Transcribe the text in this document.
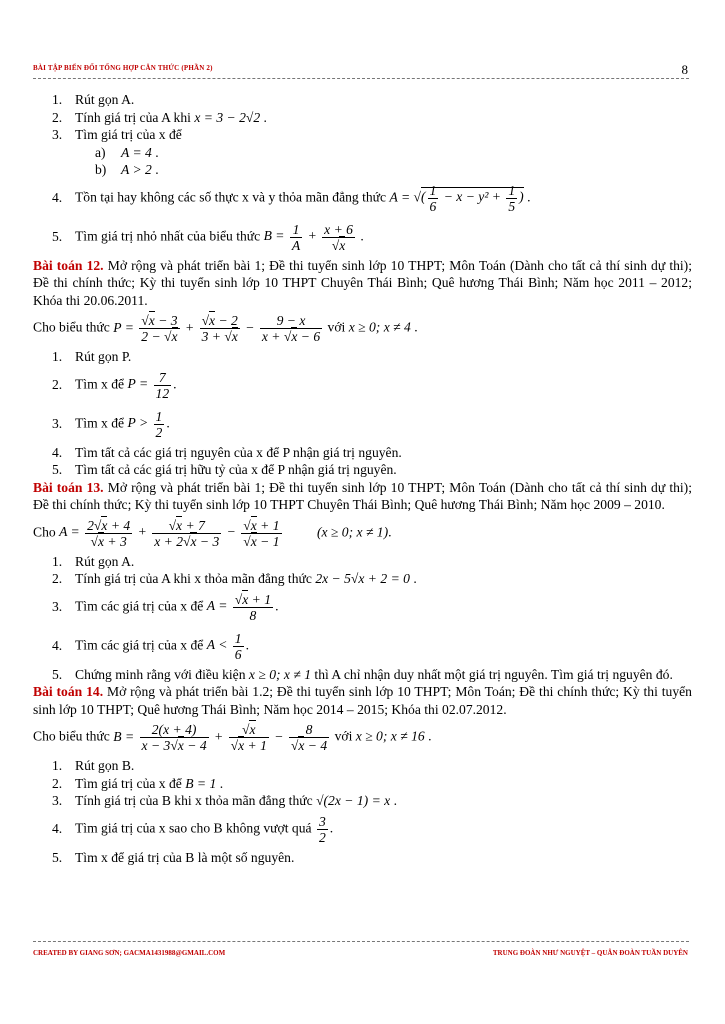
BÀI TẬP BIẾN ĐỔI TỔNG HỢP CĂN THỨC (PHẦN 2)	8
1. Rút gọn A.
2. Tính giá trị của A khi x = 3 − 2√2 .
3. Tìm giá trị của x để
a) A = 4 .
b) A > 2 .
4. Tồn tại hay không các số thực x và y thỏa mãn đẳng thức A = √( $\frac{1}{6} - x - y^2 + \frac{1}{5}$ ) .
5. Tìm giá trị nhỏ nhất của biểu thức $B = \frac{1}{A} + \frac{x + 6}{√x}$ .
Bài toán 12. Mở rộng và phát triển bài 1; Đề thi tuyển sinh lớp 10 THPT; Môn Toán (Dành cho tất cả thí sinh dự thi); Đề thi chính thức; Kỳ thi tuyển sinh lớp 10 THPT Chuyên Thái Bình; Quê hương Thái Bình; Năm học 2011 – 2012; Khóa thi 20.06.2011.
Cho biểu thức $P = \frac{√x - 3}{2 - √x} + \frac{√x - 2}{3 + √x} - \frac{9 - x}{x + √x - 6}$ với x ≥ 0; x ≠ 4 .
1. Rút gọn P.
2. Tìm x để $P = \frac{7}{12}$ .
3. Tìm x để $P > \frac{1}{2}$ .
4. Tìm tất cả các giá trị nguyên của x để P nhận giá trị nguyên.
5. Tìm tất cả các giá trị hữu tỷ của x để P nhận giá trị nguyên.
Bài toán 13. Mở rộng và phát triển bài 1; Đề thi tuyển sinh lớp 10 THPT; Môn Toán (Dành cho tất cả thí sinh dự thi); Đề thi chính thức; Kỳ thi tuyển sinh lớp 10 THPT Chuyên Thái Bình; Quê hương Thái Bình; Năm học 2009 – 2010.
Cho $A = \frac{2√x + 4}{√x + 3} + \frac{√x + 7}{x + 2√x - 3} - \frac{√x + 1}{√x - 1}$	(x ≥ 0; x ≠ 1).
1. Rút gọn A.
2. Tính giá trị của A khi x thỏa mãn đẳng thức 2x − 5√x + 2 = 0 .
3. Tìm các giá trị của x để $A = \frac{√x + 1}{8}$ .
4. Tìm các giá trị của x để $A < \frac{1}{6}$ .
5. Chứng minh rằng với điều kiện x ≥ 0; x ≠ 1 thì A chỉ nhận duy nhất một giá trị nguyên. Tìm giá trị nguyên đó.
Bài toán 14. Mở rộng và phát triển bài 1.2; Đề thi tuyển sinh lớp 10 THPT; Môn Toán; Đề thi chính thức; Kỳ thi tuyển sinh lớp 10 THPT; Quê hương Thái Bình; Năm học 2014 – 2015; Khóa thi 02.07.2012.
Cho biểu thức $B = \frac{2(x + 4)}{x - 3√x - 4} + \frac{√x}{√x + 1} - \frac{8}{√x - 4}$ với x ≥ 0; x ≠ 16 .
1. Rút gọn B.
2. Tìm giá trị của x để B = 1 .
3. Tính giá trị của B khi x thỏa mãn đẳng thức √(2x − 1) = x .
4. Tìm giá trị của x sao cho B không vượt quá $\frac{3}{2}$ .
5. Tìm x để giá trị của B là một số nguyên.
CREATED BY GIANG SƠN; GACMA1431988@GMAIL.COM	TRUNG ĐOÀN NHƯ NGUYỆT – QUÂN ĐOÀN TUẦN DUYÊN
